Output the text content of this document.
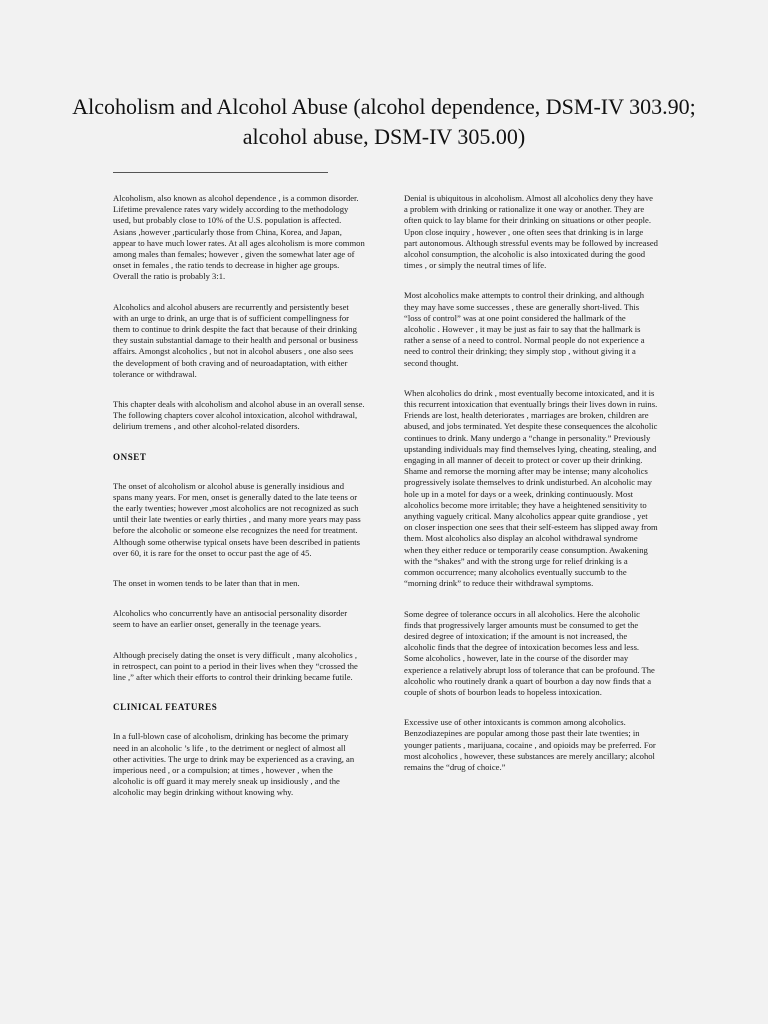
Alcoholism and Alcohol Abuse (alcohol dependence, DSM-IV 303.90; alcohol abuse, DSM-IV 305.00)
Alcoholism, also known as alcohol dependence , is a common disorder. Lifetime prevalence rates vary widely according to the methodology used, but probably close to 10% of the U.S. population is affected. Asians ,however ,particularly those from China, Korea, and Japan, appear to have much lower rates. At all ages alcoholism is more common among males than females; however , given the somewhat later age of onset in females , the ratio tends to decrease in higher age groups. Overall the ratio is probably 3:1.
Alcoholics and alcohol abusers are recurrently and persistently beset with an urge to drink, an urge that is of sufficient compellingness for them to continue to drink despite the fact that because of their drinking they sustain substantial damage to their health and personal or business affairs. Amongst alcoholics , but not in alcohol abusers , one also sees the development of both craving and of neuroadaptation, with either tolerance or withdrawal.
This chapter deals with alcoholism and alcohol abuse in an overall sense. The following chapters cover alcohol intoxication, alcohol withdrawal, delirium tremens , and other alcohol-related disorders.
ONSET
The onset of alcoholism or alcohol abuse is generally insidious and spans many years. For men, onset is generally dated to the late teens or the early twenties; however ,most alcoholics are not recognized as such until their late twenties or early thirties , and many more years may pass before the alcoholic or someone else recognizes the need for treatment. Although some otherwise typical onsets have been described in patients over 60, it is rare for the onset to occur past the age of 45.
The onset in women tends to be later than that in men.
Alcoholics who concurrently have an antisocial personality disorder seem to have an earlier onset, generally in the teenage years.
Although precisely dating the onset is very difficult , many alcoholics , in retrospect, can point to a period in their lives when they “crossed the line ,” after which their efforts to control their drinking became futile.
CLINICAL FEATURES
In a full-blown case of alcoholism, drinking has become the primary need in an alcoholic ’s life , to the detriment or neglect of almost all other activities. The urge to drink may be experienced as a craving, an imperious need , or a compulsion; at times , however , when the alcoholic is off guard it may merely sneak up insidiously , and the alcoholic may begin drinking without knowing why.
Denial is ubiquitous in alcoholism. Almost all alcoholics deny they have a problem with drinking or rationalize it one way or another. They are often quick to lay blame for their drinking on situations or other people. Upon close inquiry , however , one often sees that drinking is in large part autonomous. Although stressful events may be followed by increased alcohol consumption, the alcoholic is also intoxicated during the good times , or simply the neutral times of life.
Most alcoholics make attempts to control their drinking, and although they may have some successes , these are generally short-lived. This “loss of control” was at one point considered the hallmark of the alcoholic . However , it may be just as fair to say that the hallmark is rather a sense of a need to control. Normal people do not experience a need to control their drinking; they simply stop , without giving it a second thought.
When alcoholics do drink , most eventually become intoxicated, and it is this recurrent intoxication that eventually brings their lives down in ruins. Friends are lost, health deteriorates , marriages are broken, children are abused, and jobs terminated. Yet despite these consequences the alcoholic continues to drink. Many undergo a “change in personality.” Previously upstanding individuals may find themselves lying, cheating, stealing, and engaging in all manner of deceit to protect or cover up their drinking. Shame and remorse the morning after may be intense; many alcoholics progressively isolate themselves to drink undisturbed. An alcoholic may hole up in a motel for days or a week, drinking continuously. Most alcoholics become more irritable; they have a heightened sensitivity to anything vaguely critical. Many alcoholics appear quite grandiose , yet on closer inspection one sees that their self-esteem has slipped away from them. Most alcoholics also display an alcohol withdrawal syndrome when they either reduce or temporarily cease consumption. Awakening with the “shakes” and with the strong urge for relief drinking is a common occurrence; many alcoholics eventually succumb to the “morning drink” to reduce their withdrawal symptoms.
Some degree of tolerance occurs in all alcoholics. Here the alcoholic finds that progressively larger amounts must be consumed to get the desired degree of intoxication; if the amount is not increased, the alcoholic finds that the degree of intoxication becomes less and less. Some alcoholics , however, late in the course of the disorder may experience a relatively abrupt loss of tolerance that can be profound. The alcoholic who routinely drank a quart of bourbon a day now finds that a couple of shots of bourbon leads to hopeless intoxication.
Excessive use of other intoxicants is common among alcoholics. Benzodiazepines are popular among those past their late twenties; in younger patients , marijuana, cocaine , and opioids may be preferred. For most alcoholics , however, these substances are merely ancillary; alcohol remains the “drug of choice.”
